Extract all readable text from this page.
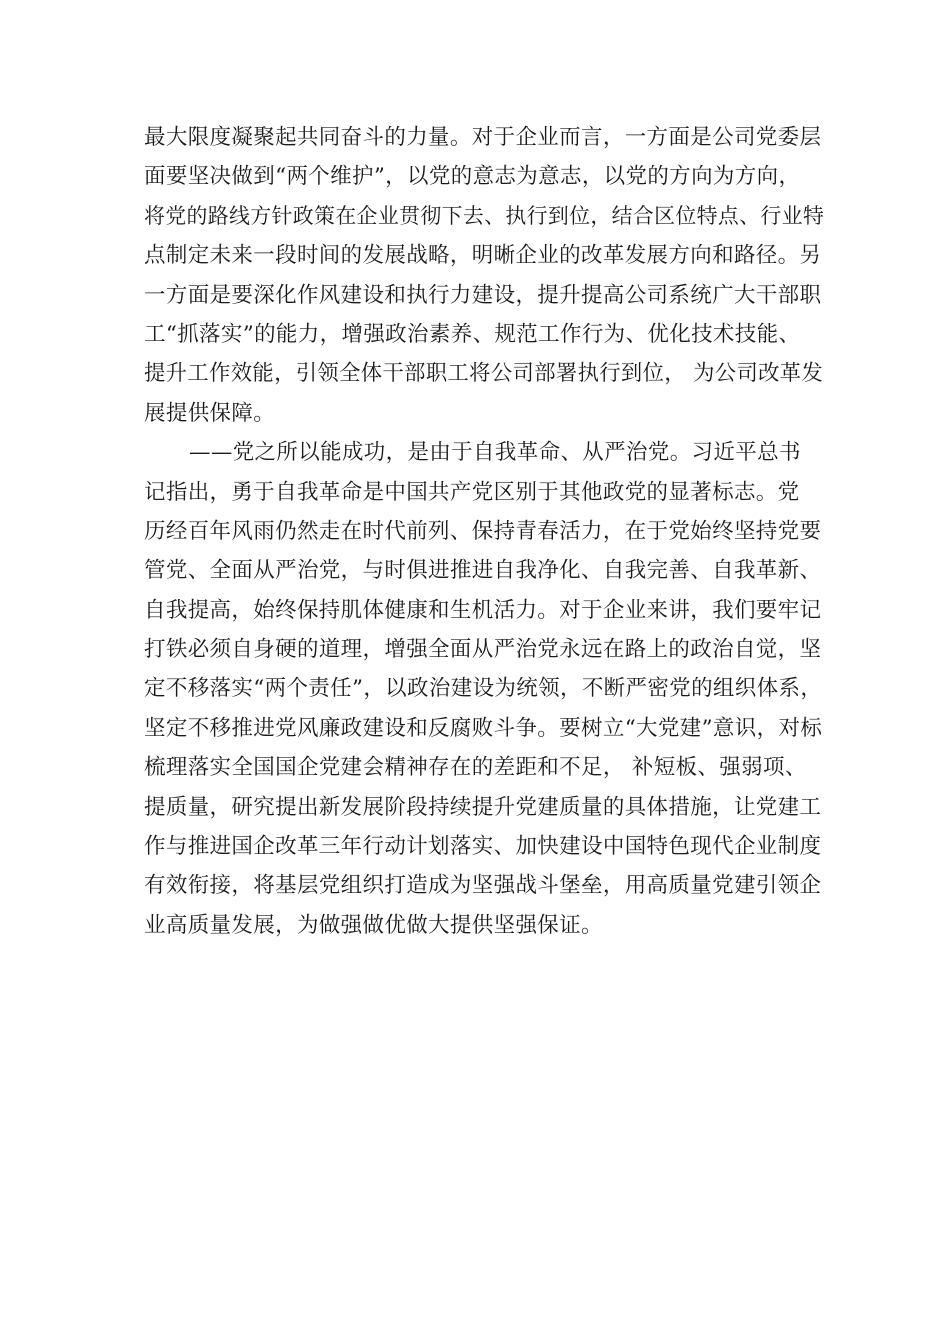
最大限度凝聚起共同奋斗的力量。对于企业而言，一方面是公司党委层
面要坚决做到“两个维护”，以党的意志为意志，以党的方向为方向，
将党的路线方针政策在企业贯彻下去、执行到位，结合区位特点、行业特
点制定未来一段时间的发展战略，明晰企业的改革发展方向和路径。另
一方面是要深化作风建设和执行力建设，提升提高公司系统广大干部职
工“抓落实”的能力，增强政治素养、规范工作行为、优化技术技能、
提升工作效能，引领全体干部职工将公司部署执行到位， 为公司改革发
展提供保障。
——党之所以能成功，是由于自我革命、从严治党。习近平总书
记指出，勇于自我革命是中国共产党区别于其他政党的显著标志。党
历经百年风雨仍然走在时代前列、保持青春活力，在于党始终坚持党要
管党、全面从严治党，与时俱进推进自我净化、自我完善、自我革新、
自我提高，始终保持肌体健康和生机活力。对于企业来讲，我们要牢记
打铁必须自身硬的道理，增强全面从严治党永远在路上的政治自觉，坚
定不移落实“两个责任”，以政治建设为统领，不断严密党的组织体系，
坚定不移推进党风廉政建设和反腐败斗争。要树立“大党建”意识，对标
梳理落实全国国企党建会精神存在的差距和不足， 补短板、强弱项、
提质量，研究提出新发展阶段持续提升党建质量的具体措施，让党建工
作与推进国企改革三年行动计划落实、加快建设中国特色现代企业制度
有效衔接，将基层党组织打造成为坚强战斗堡垒，用高质量党建引领企
业高质量发展，为做强做优做大提供坚强保证。
